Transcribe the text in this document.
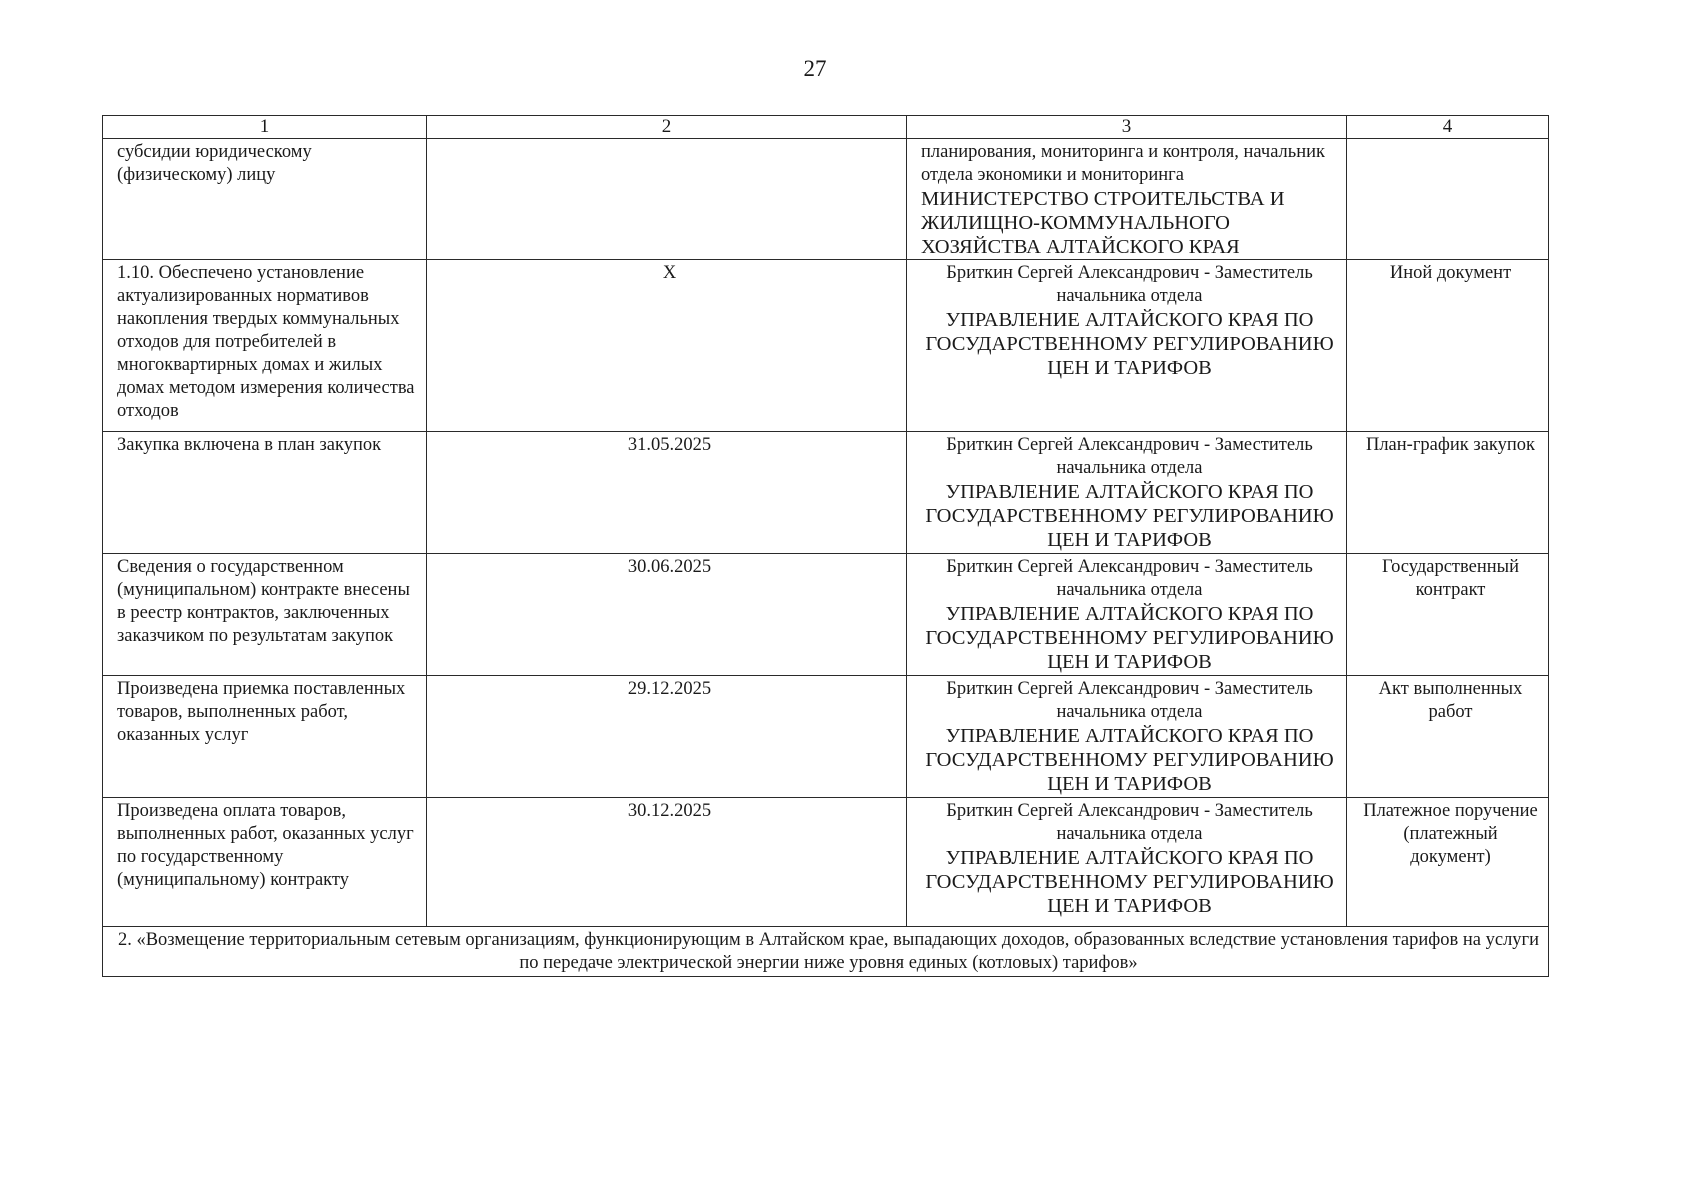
27
1	2	3	4
субсидии юридическому (физическому) лицу		планирования, мониторинга и контроля, начальник отдела экономики и мониторинга
МИНИСТЕРСТВО СТРОИТЕЛЬСТВА И ЖИЛИЩНО-КОММУНАЛЬНОГО ХОЗЯЙСТВА АЛТАЙСКОГО КРАЯ	

1.10. Обеспечено установление актуализированных нормативов накопления твердых коммунальных отходов для потребителей в многоквартирных домах и жилых домах методом измерения количества отходов	X	Бриткин Сергей Александрович - Заместитель начальника отдела
УПРАВЛЕНИЕ АЛТАЙСКОГО КРАЯ ПО ГОСУДАРСТВЕННОМУ РЕГУЛИРОВАНИЮ ЦЕН И ТАРИФОВ	Иной документ
Закупка включена в план закупок	31.05.2025	Бриткин Сергей Александрович - Заместитель начальника отдела
УПРАВЛЕНИЕ АЛТАЙСКОГО КРАЯ ПО ГОСУДАРСТВЕННОМУ РЕГУЛИРОВАНИЮ ЦЕН И ТАРИФОВ	План-график закупок
Сведения о государственном (муниципальном) контракте внесены в реестр контрактов, заключенных заказчиком по результатам закупок	30.06.2025	Бриткин Сергей Александрович - Заместитель начальника отдела
УПРАВЛЕНИЕ АЛТАЙСКОГО КРАЯ ПО ГОСУДАРСТВЕННОМУ РЕГУЛИРОВАНИЮ ЦЕН И ТАРИФОВ	Государственный контракт
Произведена приемка поставленных товаров, выполненных работ, оказанных услуг	29.12.2025	Бриткин Сергей Александрович - Заместитель начальника отдела
УПРАВЛЕНИЕ АЛТАЙСКОГО КРАЯ ПО ГОСУДАРСТВЕННОМУ РЕГУЛИРОВАНИЮ ЦЕН И ТАРИФОВ	Акт выполненных работ
Произведена оплата товаров, выполненных работ, оказанных услуг по государственному (муниципальному) контракту	30.12.2025	Бриткин Сергей Александрович - Заместитель начальника отдела
УПРАВЛЕНИЕ АЛТАЙСКОГО КРАЯ ПО ГОСУДАРСТВЕННОМУ РЕГУЛИРОВАНИЮ ЦЕН И ТАРИФОВ	Платежное поручение (платежный документ)
2. «Возмещение территориальным сетевым организациям, функционирующим в Алтайском крае, выпадающих доходов, образованных вследствие установления тарифов на услуги по передаче электрической энергии ниже уровня единых (котловых) тарифов»			
